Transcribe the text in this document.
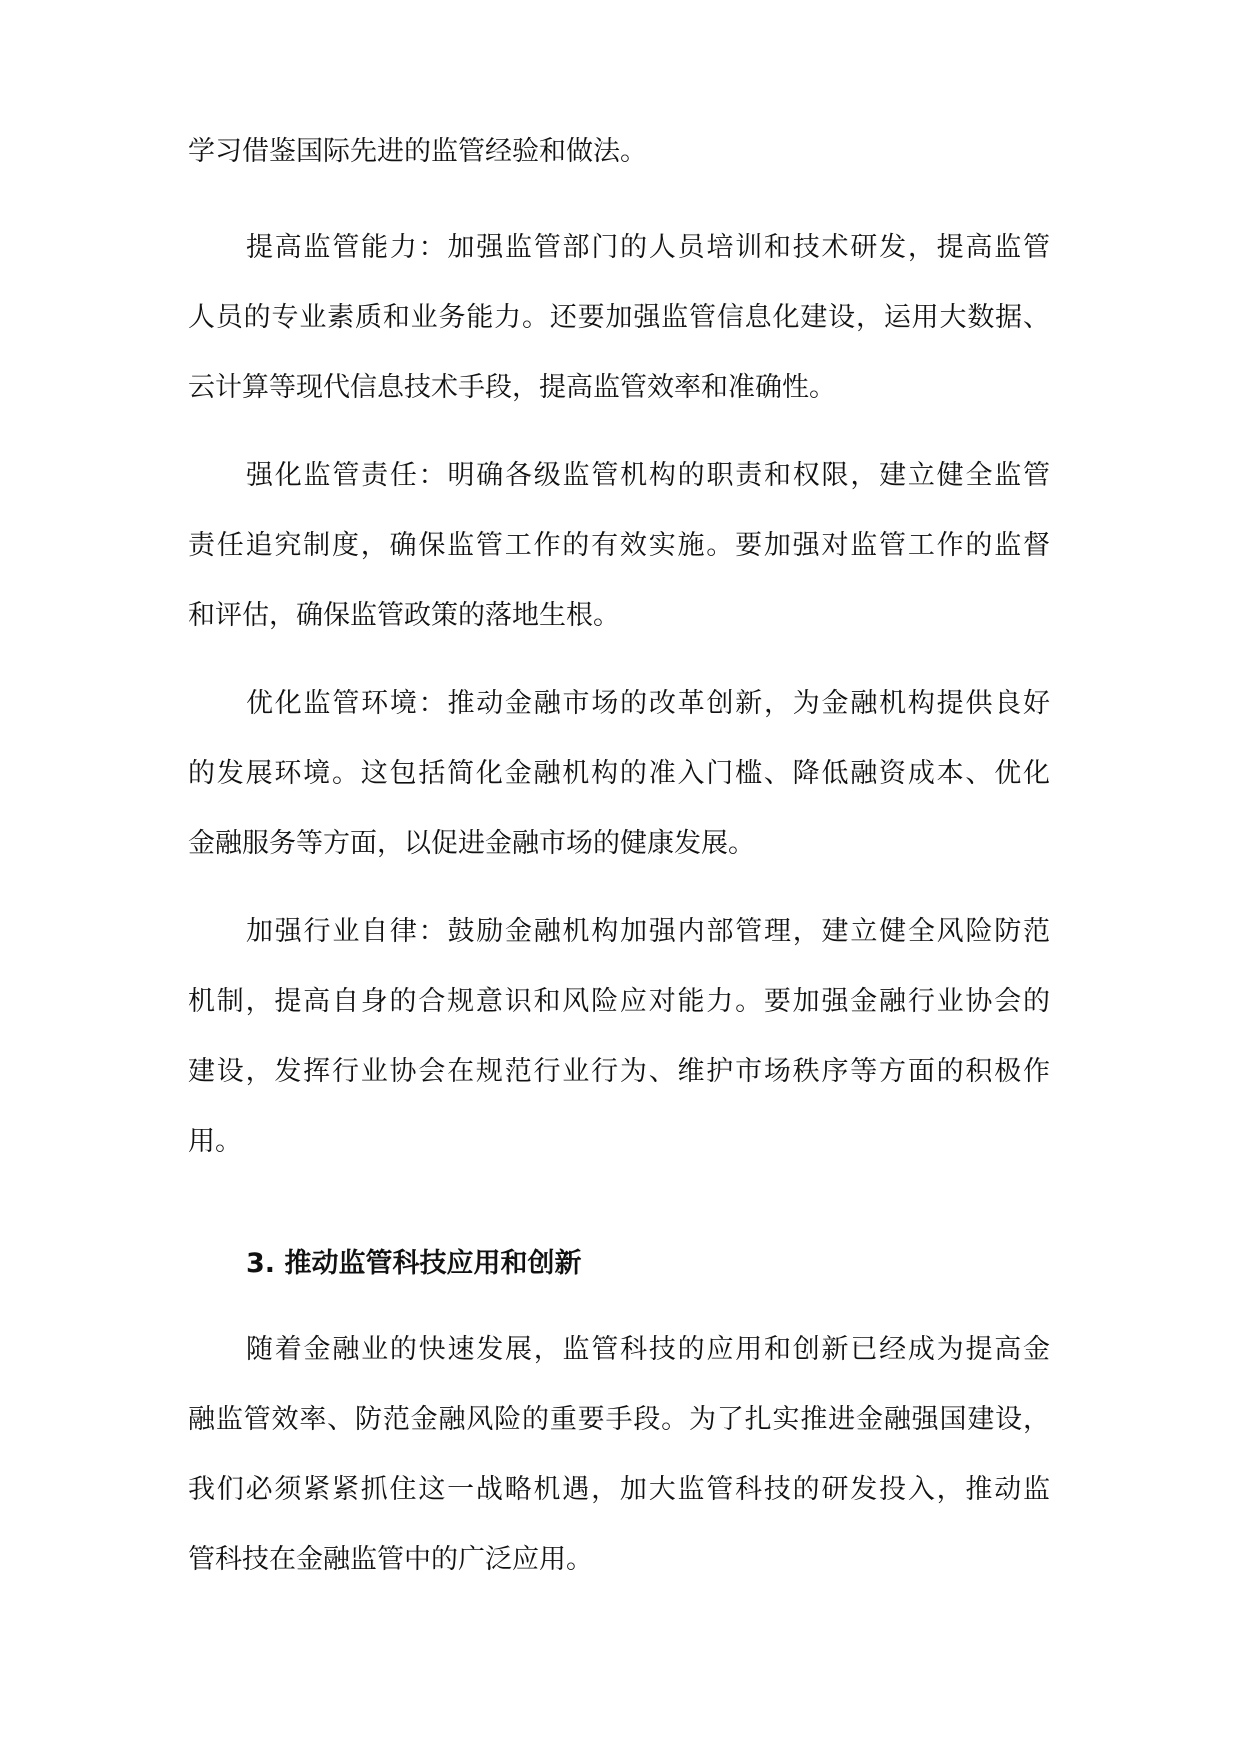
学习借鉴国际先进的监管经验和做法。
提高监管能力：加强监管部门的人员培训和技术研发，提高监管
人员的专业素质和业务能力。还要加强监管信息化建设，运用大数据、
云计算等现代信息技术手段，提高监管效率和准确性。
强化监管责任：明确各级监管机构的职责和权限，建立健全监管
责任追究制度，确保监管工作的有效实施。要加强对监管工作的监督
和评估，确保监管政策的落地生根。
优化监管环境：推动金融市场的改革创新，为金融机构提供良好
的发展环境。这包括简化金融机构的准入门槛、降低融资成本、优化
金融服务等方面，以促进金融市场的健康发展。
加强行业自律：鼓励金融机构加强内部管理，建立健全风险防范
机制，提高自身的合规意识和风险应对能力。要加强金融行业协会的
建设，发挥行业协会在规范行业行为、维护市场秩序等方面的积极作
用。
3. 推动监管科技应用和创新
随着金融业的快速发展，监管科技的应用和创新已经成为提高金
融监管效率、防范金融风险的重要手段。为了扎实推进金融强国建设，
我们必须紧紧抓住这一战略机遇，加大监管科技的研发投入，推动监
管科技在金融监管中的广泛应用。
